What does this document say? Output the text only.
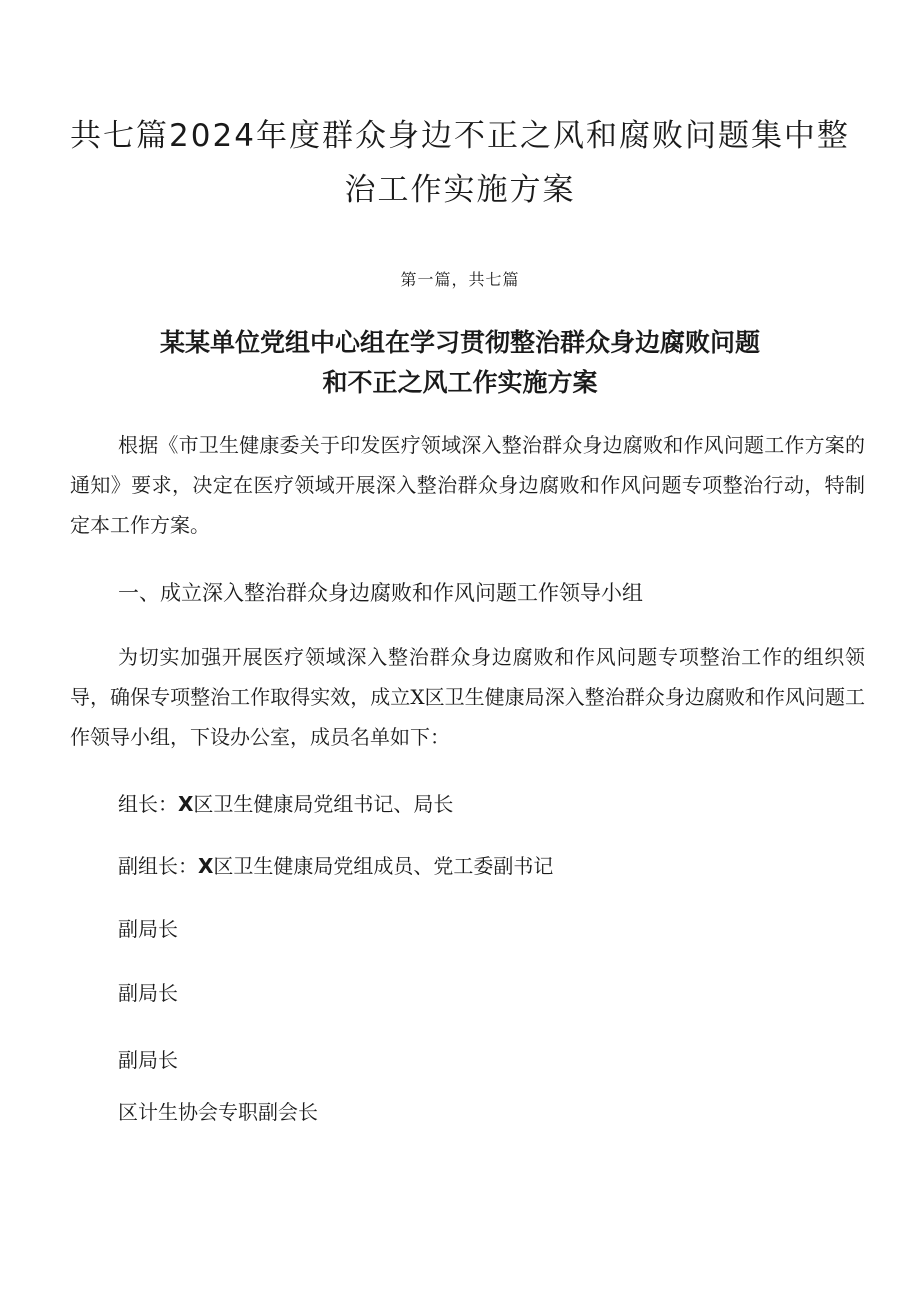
共七篇2024年度群众身边不正之风和腐败问题集中整治工作实施方案
第一篇，共七篇
某某单位党组中心组在学习贯彻整治群众身边腐败问题
和不正之风工作实施方案

根据《市卫生健康委关于印发医疗领域深入整治群众身边腐败和作风问题工作方案的通知》要求，决定在医疗领域开展深入整治群众身边腐败和作风问题专项整治行动，特制定本工作方案。

一、成立深入整治群众身边腐败和作风问题工作领导小组

为切实加强开展医疗领域深入整治群众身边腐败和作风问题专项整治工作的组织领导，确保专项整治工作取得实效，成立X区卫生健康局深入整治群众身边腐败和作风问题工作领导小组，下设办公室，成员名单如下：

组长：X区卫生健康局党组书记、局长
副组长：X区卫生健康局党组成员、党工委副书记
副局长
副局长
副局长
区计生协会专职副会长
